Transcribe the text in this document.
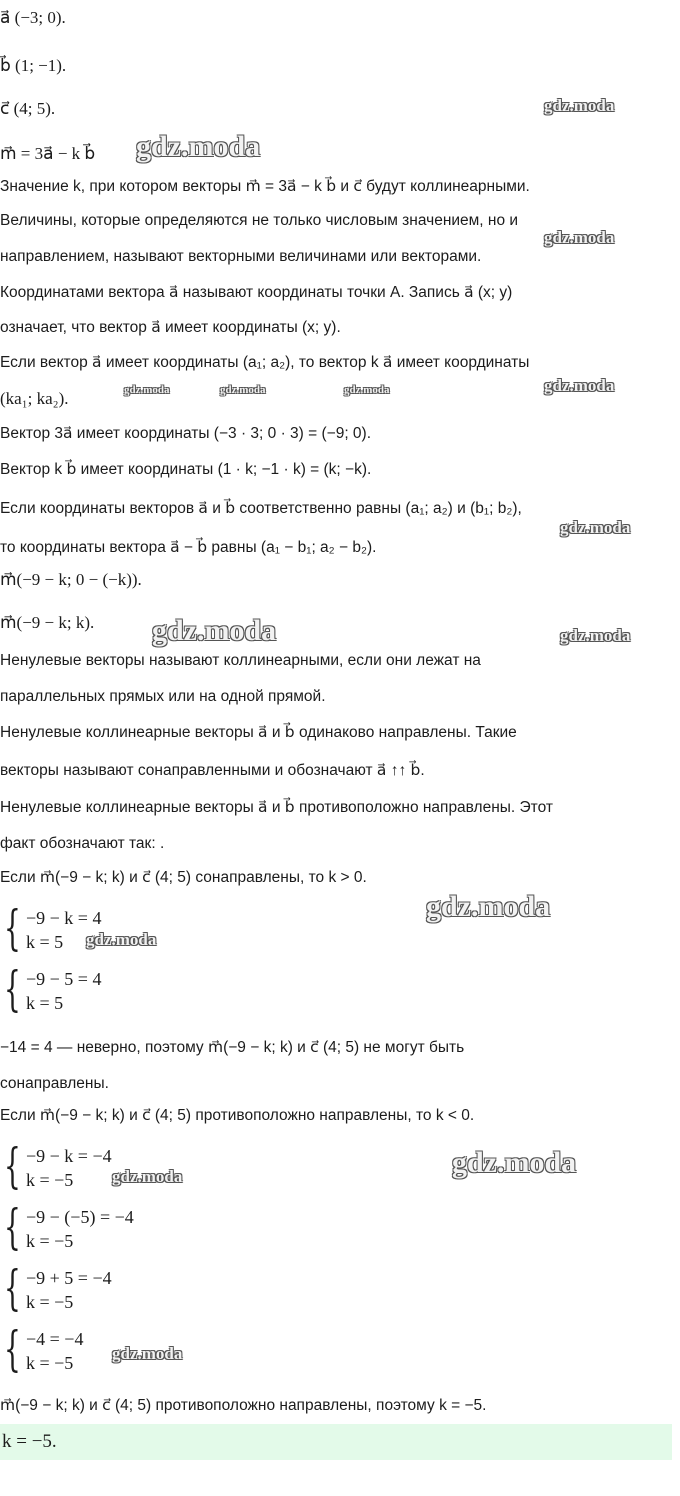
a⃗ (−3; 0).
b⃗ (1; −1).
c⃗ (4; 5).
m⃗ = 3a⃗ − k b⃗
Значение k, при котором векторы m⃗ = 3a⃗ − k b⃗ и c⃗ будут коллинеарными.
Величины, которые определяются не только числовым значением, но и
направлением, называют векторными величинами или векторами.
Координатами вектора a⃗ называют координаты точки A. Запись a⃗ (x; y)
означает, что вектор a⃗ имеет координаты (x; y).
Если вектор a⃗ имеет координаты (a₁; a₂), то вектор k a⃗ имеет координаты
(ka₁; ka₂).
Вектор 3a⃗ имеет координаты (−3 · 3; 0 · 3) = (−9; 0).
Вектор k b⃗ имеет координаты (1 · k; −1 · k) = (k; −k).
Если координаты векторов a⃗ и b⃗ соответственно равны (a₁; a₂) и (b₁; b₂),
то координаты вектора a⃗ − b⃗ равны (a₁ − b₁; a₂ − b₂).
m⃗(−9 − k; 0 − (−k)).
m⃗(−9 − k; k).
Ненулевые векторы называют коллинеарными, если они лежат на
параллельных прямых или на одной прямой.
Ненулевые коллинеарные векторы a⃗ и b⃗ одинаково направлены. Такие
векторы называют сонаправленными и обозначают a⃗ ↑↑ b⃗.
Ненулевые коллинеарные векторы a⃗ и b⃗ противоположно направлены. Этот
факт обозначают так: .
Если m⃗(−9 − k; k) и c⃗ (4; 5) сонаправлены, то k > 0.
−14 = 4 — неверно, поэтому m⃗(−9 − k; k) и c⃗ (4; 5) не могут быть
сонаправлены.
Если m⃗(−9 − k; k) и c⃗ (4; 5) противоположно направлены, то k < 0.
m⃗(−9 − k; k) и c⃗ (4; 5) противоположно направлены, поэтому k = −5.
{ −9 − k = 4
k = 5
{ −9 − 5 = 4
k = 5
{ −9 − k = −4
k = −5
{ −9 − (−5) = −4
k = −5
{ −9 + 5 = −4
k = −5
{ −4 = −4
k = −5
k = −5.
gdz.moda
gdz.moda
gdz.moda
gdz.moda
gdz.moda	gdz.moda	gdz.moda
gdz.moda
gdz.moda	gdz.moda
gdz.moda
gdz.moda
gdz.moda
gdz.moda
gdz.moda
